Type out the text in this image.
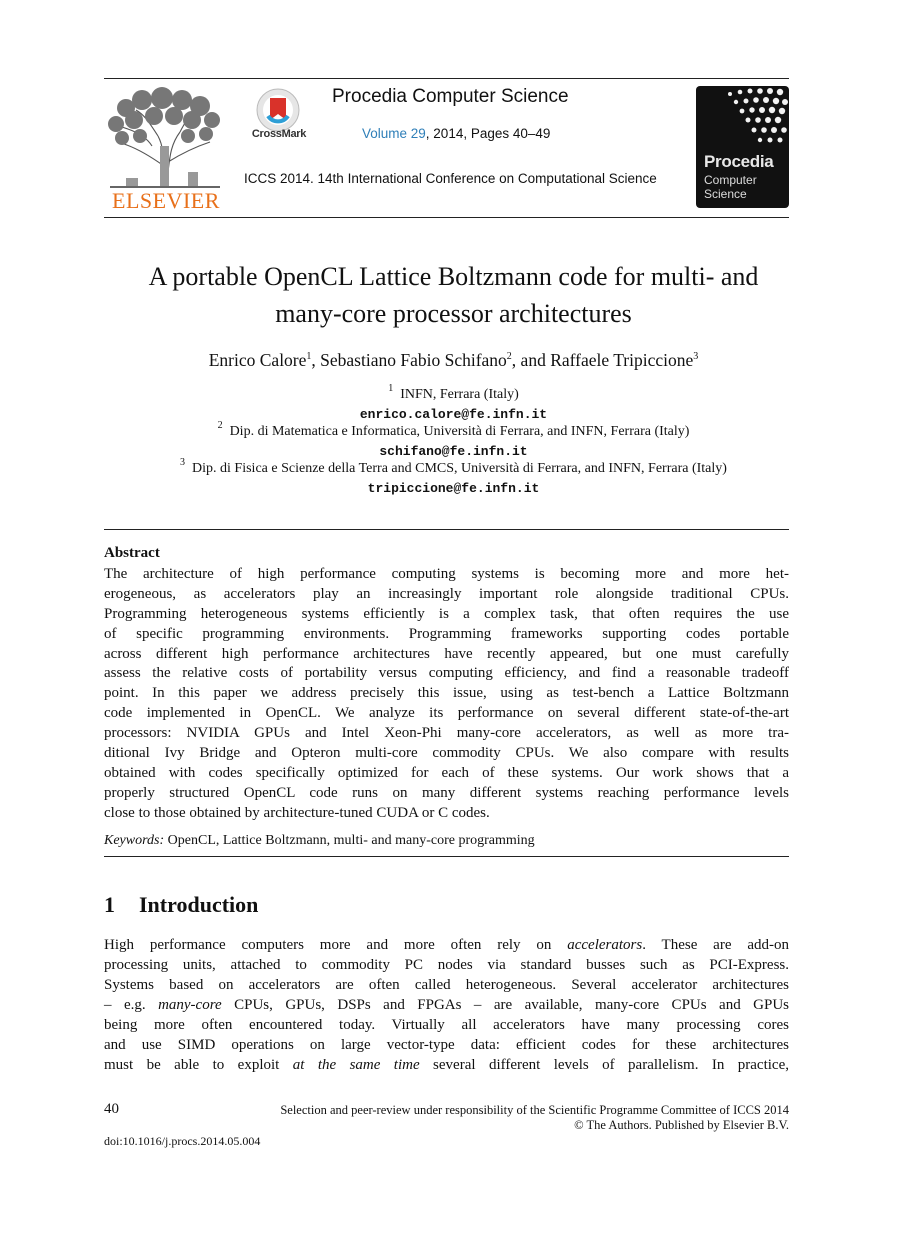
ELSEVIER
CrossMark
Procedia Computer Science
Volume 29, 2014, Pages 40–49
ICCS 2014. 14th International Conference on Computational Science
Procedia
Computer
Science
A portable OpenCL Lattice Boltzmann code for multi- and
many-core processor architectures
Enrico Calore$^1$, Sebastiano Fabio Schifano$^2$, and Raffaele Tripiccione$^3$
$^1$ INFN, Ferrara (Italy)
enrico.calore@fe.infn.it
$^2$ Dip. di Matematica e Informatica, Università di Ferrara, and INFN, Ferrara (Italy)
schifano@fe.infn.it
$^3$ Dip. di Fisica e Scienze della Terra and CMCS, Università di Ferrara, and INFN, Ferrara (Italy)
tripiccione@fe.infn.it
Abstract
The architecture of high performance computing systems is becoming more and more het-
erogeneous, as accelerators play an increasingly important role alongside traditional CPUs.
Programming heterogeneous systems efficiently is a complex task, that often requires the use
of specific programming environments. Programming frameworks supporting codes portable
across different high performance architectures have recently appeared, but one must carefully
assess the relative costs of portability versus computing efficiency, and find a reasonable tradeoff
point. In this paper we address precisely this issue, using as test-bench a Lattice Boltzmann
code implemented in OpenCL. We analyze its performance on several different state-of-the-art
processors: NVIDIA GPUs and Intel Xeon-Phi many-core accelerators, as well as more tra-
ditional Ivy Bridge and Opteron multi-core commodity CPUs. We also compare with results
obtained with codes specifically optimized for each of these systems. Our work shows that a
properly structured OpenCL code runs on many different systems reaching performance levels
close to those obtained by architecture-tuned CUDA or C codes.
Keywords: OpenCL, Lattice Boltzmann, multi- and many-core programming
1 Introduction
High performance computers more and more often rely on accelerators. These are add-on
processing units, attached to commodity PC nodes via standard busses such as PCI-Express.
Systems based on accelerators are often called heterogeneous. Several accelerator architectures
– e.g. many-core CPUs, GPUs, DSPs and FPGAs – are available, many-core CPUs and GPUs
being more often encountered today. Virtually all accelerators have many processing cores
and use SIMD operations on large vector-type data: efficient codes for these architectures
must be able to exploit at the same time several different levels of parallelism. In practice,
40	Selection and peer-review under responsibility of the Scientific Programme Committee of ICCS 2014
© The Authors. Published by Elsevier B.V.
doi:10.1016/j.procs.2014.05.004
